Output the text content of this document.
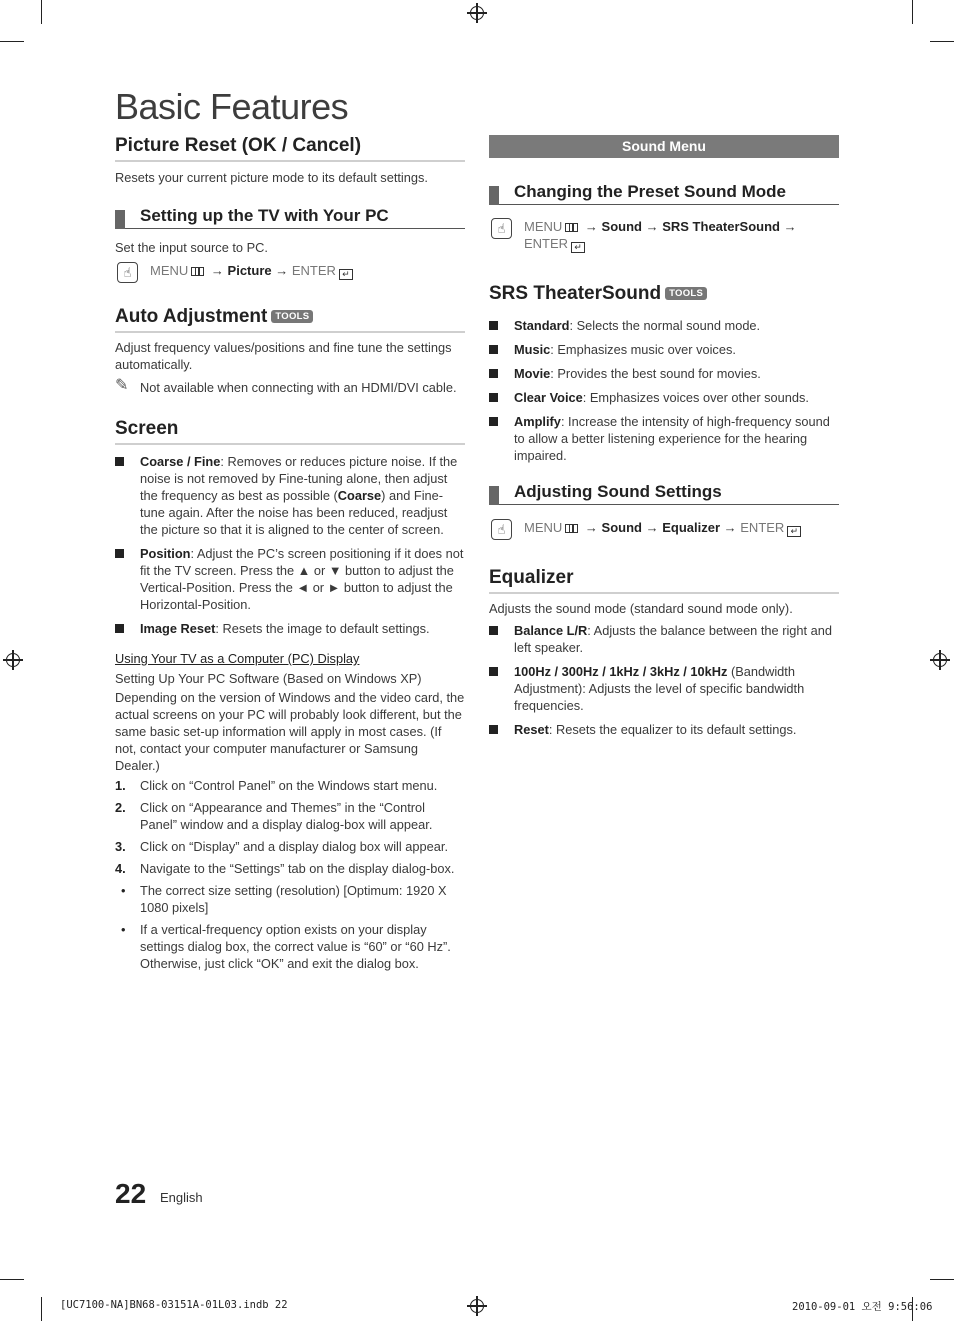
Basic Features
Picture Reset (OK / Cancel)

Resets your current picture mode to its default settings.

Setting up the TV with Your PC

Set the input source to PC.

☝	MENU → Picture → ENTER ↵
Auto Adjustment TOOLS

Adjust frequency values/positions and fine tune the settings automatically.

✎ Not available when connecting with an HDMI/DVI cable.
Screen
Coarse / Fine: Removes or reduces picture noise. If the noise is not removed by Fine-tuning alone, then adjust the frequency as best as possible (Coarse) and Fine-tune again. After the noise has been reduced, readjust the picture so that it is aligned to the center of screen.
Position: Adjust the PC’s screen positioning if it does not fit the TV screen. Press the ▲ or ▼ button to adjust the Vertical-Position. Press the ◄ or ► button to adjust the Horizontal-Position.
Image Reset: Resets the image to default settings.

Using Your TV as a Computer (PC) Display

Setting Up Your PC Software (Based on Windows XP)

Depending on the version of Windows and the video card, the actual screens on your PC will probably look different, but the same basic set-up information will apply in most cases. (If not, contact your computer manufacturer or Samsung Dealer.)

1. Click on “Control Panel” on the Windows start menu.
2. Click on “Appearance and Themes” in the “Control Panel” window and a display dialog-box will appear.
3. Click on “Display” and a display dialog box will appear.
4. Navigate to the “Settings” tab on the display dialog-box.
• The correct size setting (resolution) [Optimum: 1920 X 1080 pixels]
• If a vertical-frequency option exists on your display settings dialog box, the correct value is “60” or “60 Hz”. Otherwise, just click “OK” and exit the dialog box.
Sound Menu
Changing the Preset Sound Mode
☝	MENU → Sound → SRS TheaterSound → ENTER ↵
SRS TheaterSound TOOLS
Standard: Selects the normal sound mode.
Music: Emphasizes music over voices.
Movie: Provides the best sound for movies.
Clear Voice: Emphasizes voices over other sounds.
Amplify: Increase the intensity of high-frequency sound to allow a better listening experience for the hearing impaired.
Adjusting Sound Settings
☝	MENU → Sound → Equalizer → ENTER ↵
Equalizer

Adjusts the sound mode (standard sound mode only).

Balance L/R: Adjusts the balance between the right and left speaker.
100Hz / 300Hz / 1kHz / 3kHz / 10kHz (Bandwidth Adjustment): Adjusts the level of specific bandwidth frequencies.
Reset: Resets the equalizer to its default settings.
22 English
[UC7100-NA]BN68-03151A-01L03.indb 22	2010-09-01 오전 9:56:06
